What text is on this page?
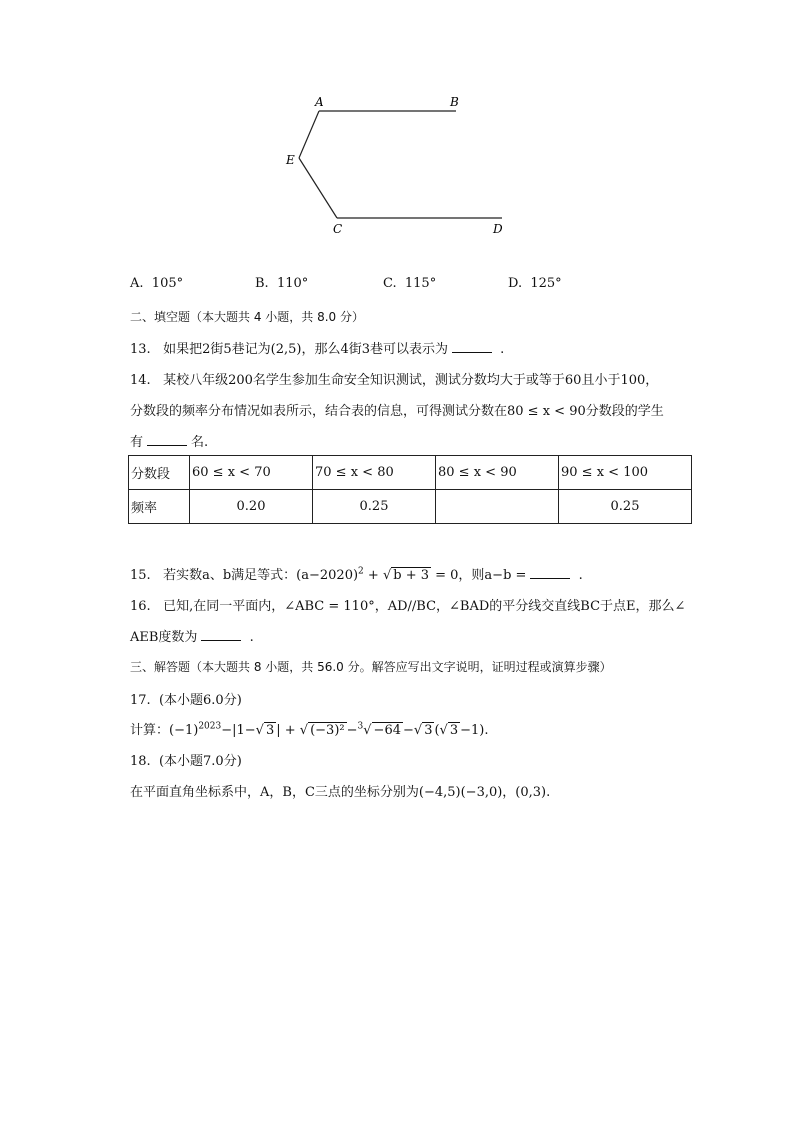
A	B
E
C	D
A. 105°	B. 110°	C. 115°	D. 125°
二、填空题（本大题共 4 小题，共 8.0 分）
13. 如果把2街5巷记为(2,5)，那么4街3巷可以表示为	.
14. 某校八年级200名学生参加生命安全知识测试，测试分数均大于或等于60且小于100，
分数段的频率分布情况如表所示，结合表的信息，可得测试分数在80 ≤ x < 90分数段的学生
有	名.
分数段	60 ≤ x < 70	70 ≤ x < 80	80 ≤ x < 90	90 ≤ x < 100
频率	0.20	0.25		0.25
15. 若实数a、b满足等式：$(a-2020)^2$ + √ b + 3 = 0，则a−b =	.
16. 已知,在同一平面内，∠ABC = 110°，AD//BC，∠BAD的平分线交直线BC于点E，那么∠
AEB度数为	.
三、解答题（本大题共 8 小题，共 56.0 分。解答应写出文字说明，证明过程或演算步骤）
17. (本小题6.0分)
计算：$(-1)^{2023}-|1-√$ 3 | + √ (−3)² −$^3$√ −64 −√ 3 (√ 3 −1).
18. (本小题7.0分)
在平面直角坐标系中，A，B，C三点的坐标分别为(−4,5)(−3,0)，(0,3).
